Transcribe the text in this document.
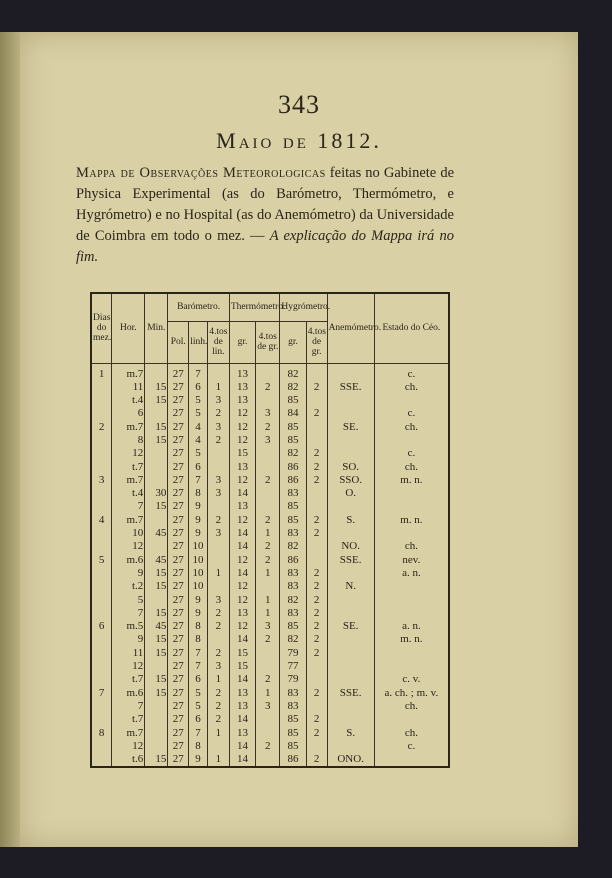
343
Maio de 1812.
Mappa de Observações Meteorologicas feitas no Gabinete de Physica Experimental (as do Barómetro, Thermómetro, e Hygrómetro) e no Hospital (as do Anemómetro) da Universidade de Coimbra em todo o mez. — A explicação do Mappa irá no fim.
Dias do mez.	Hor.	Min.	Barómetro.			Thermómetro.		Hygrómetro.		Anemómetro.	Estado do Céo.
			Pol.	linh.	4.tos de lin.	gr.	4.tos de gr.	gr.	4.tos de gr.		
1	m.7		27	7		13		82			c.
	11	15	27	6	1	13	2	82	2	SSE.	ch.
	t.4	15	27	5	3	13		85			
	6		27	5	2	12	3	84	2		c.
2	m.7	15	27	4	3	12	2	85		SE.	ch.
	8	15	27	4	2	12	3	85			
	12		27	5		15		82	2		c.
	t.7		27	6		13		86	2	SO.	ch.
3	m.7		27	7	3	12	2	86	2	SSO.	m. n.
	t.4	30	27	8	3	14		83		O.	
	7	15	27	9		13		85			
4	m.7		27	9	2	12	2	85	2	S.	m. n.
	10	45	27	9	3	14	1	83	2		
	12		27	10		14	2	82		NO.	ch.
5	m.6	45	27	10		12	2	86		SSE.	nev.
	9	15	27	10	1	14	1	83	2		a. n.
	t.2	15	27	10		12		83	2	N.	
	5		27	9	3	12	1	82	2		
	7	15	27	9	2	13	1	83	2		
6	m.5	45	27	8	2	12	3	85	2	SE.	a. n.
	9	15	27	8		14	2	82	2		m. n.
	11	15	27	7	2	15		79	2		
	12		27	7	3	15		77			
	t.7	15	27	6	1	14	2	79			c. v.
7	m.6	15	27	5	2	13	1	83	2	SSE.	a. ch. ; m. v.
	7		27	5	2	13	3	83			ch.
	t.7		27	6	2	14		85	2		
8	m.7		27	7	1	13		85	2	S.	ch.
	12		27	8		14	2	85			c.
	t.6	15	27	9	1	14		86	2	ONO.	
